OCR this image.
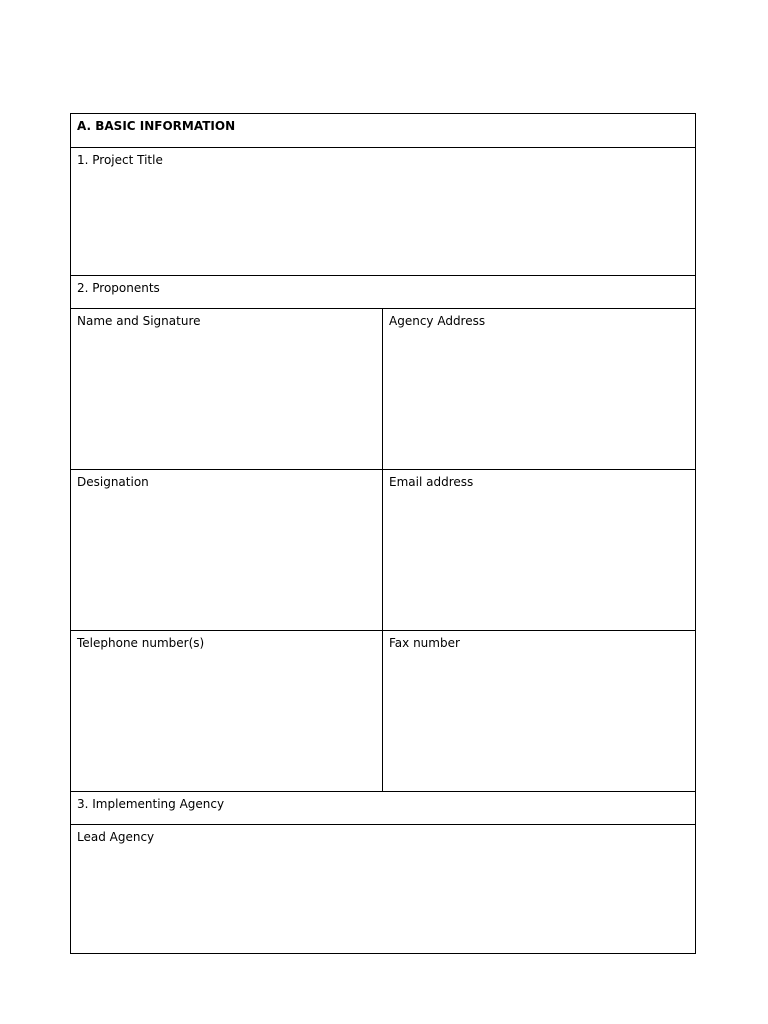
A. BASIC INFORMATION
1. Project Title
2. Proponents
Name and Signature	Agency Address
Designation	Email address
Telephone number(s)	Fax number
3. Implementing Agency
Lead Agency
